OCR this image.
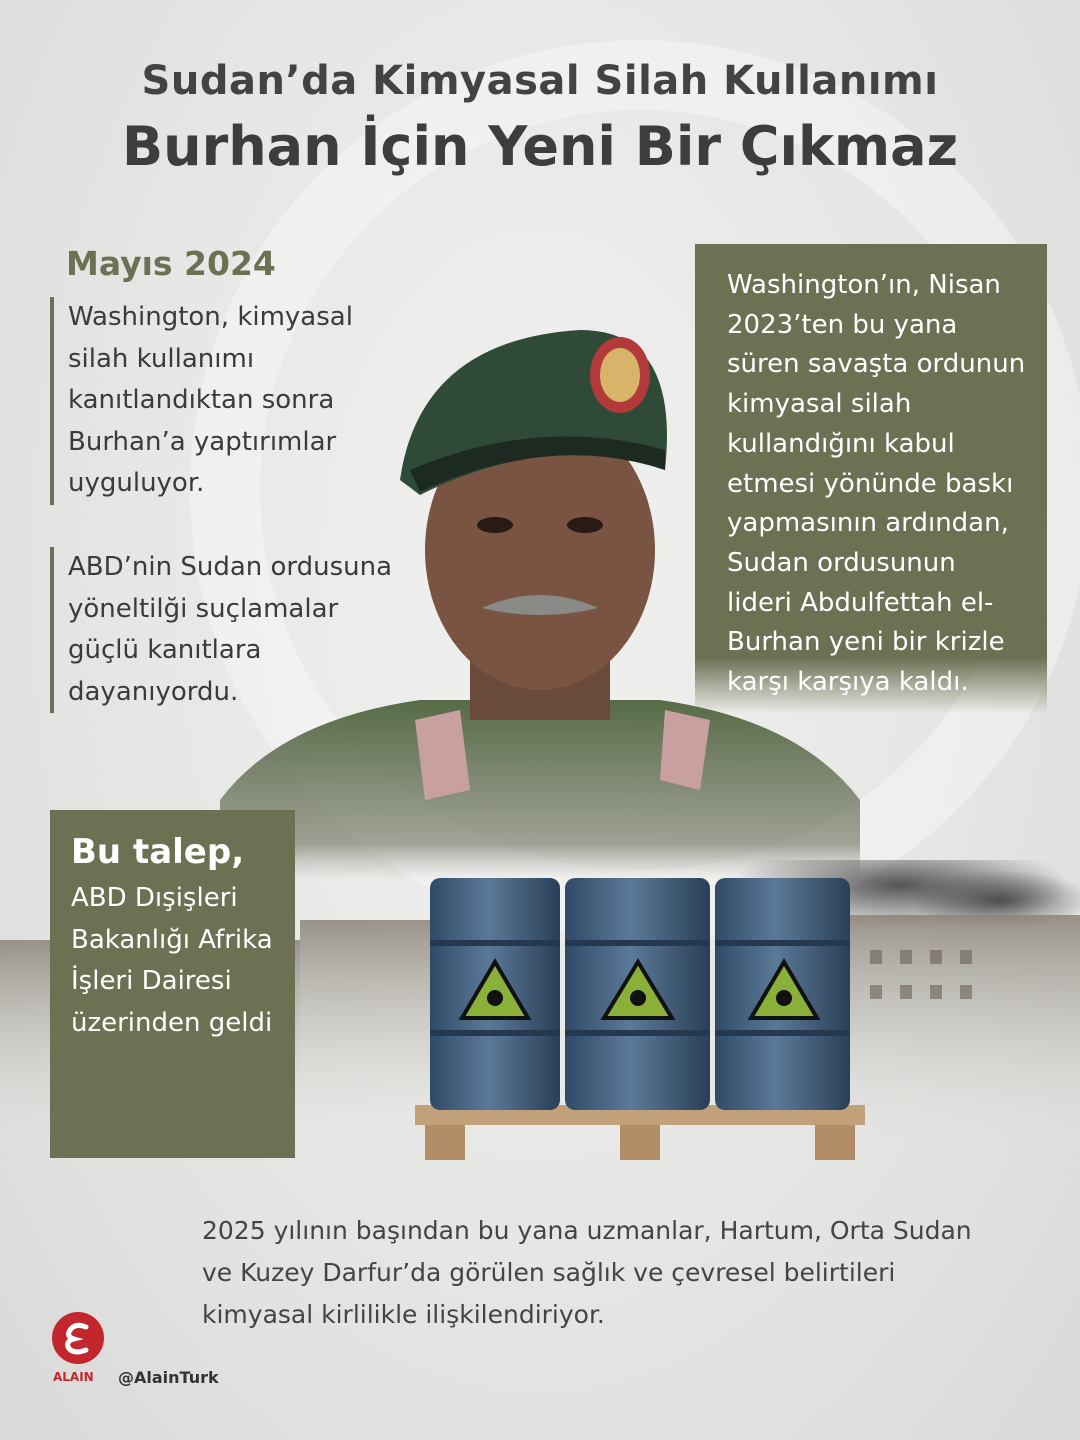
Sudan’da Kimyasal Silah Kullanımı
Burhan İçin Yeni Bir Çıkmaz
Mayıs 2024
Washington, kimyasal silah kullanımı kanıtlandıktan sonra Burhan’a yaptırımlar uyguluyor.
ABD’nin Sudan ordusuna yöneltilği suçlamalar güçlü kanıtlara dayanıyordu.
Washington’ın, Nisan 2023’ten bu yana süren savaşta ordunun kimyasal silah kullandığını kabul etmesi yönünde baskı yapmasının ardından, Sudan ordusunun lideri Abdulfettah el-Burhan yeni bir krizle karşı karşıya kaldı.
Bu talep,
ABD Dışişleri Bakanlığı Afrika İşleri Dairesi üzerinden geldi
2025 yılının başından bu yana uzmanlar, Hartum, Orta Sudan ve Kuzey Darfur’da görülen sağlık ve çevresel belirtileri kimyasal kirlilikle ilişkilendiriyor.
ALAIN @AlainTurk
